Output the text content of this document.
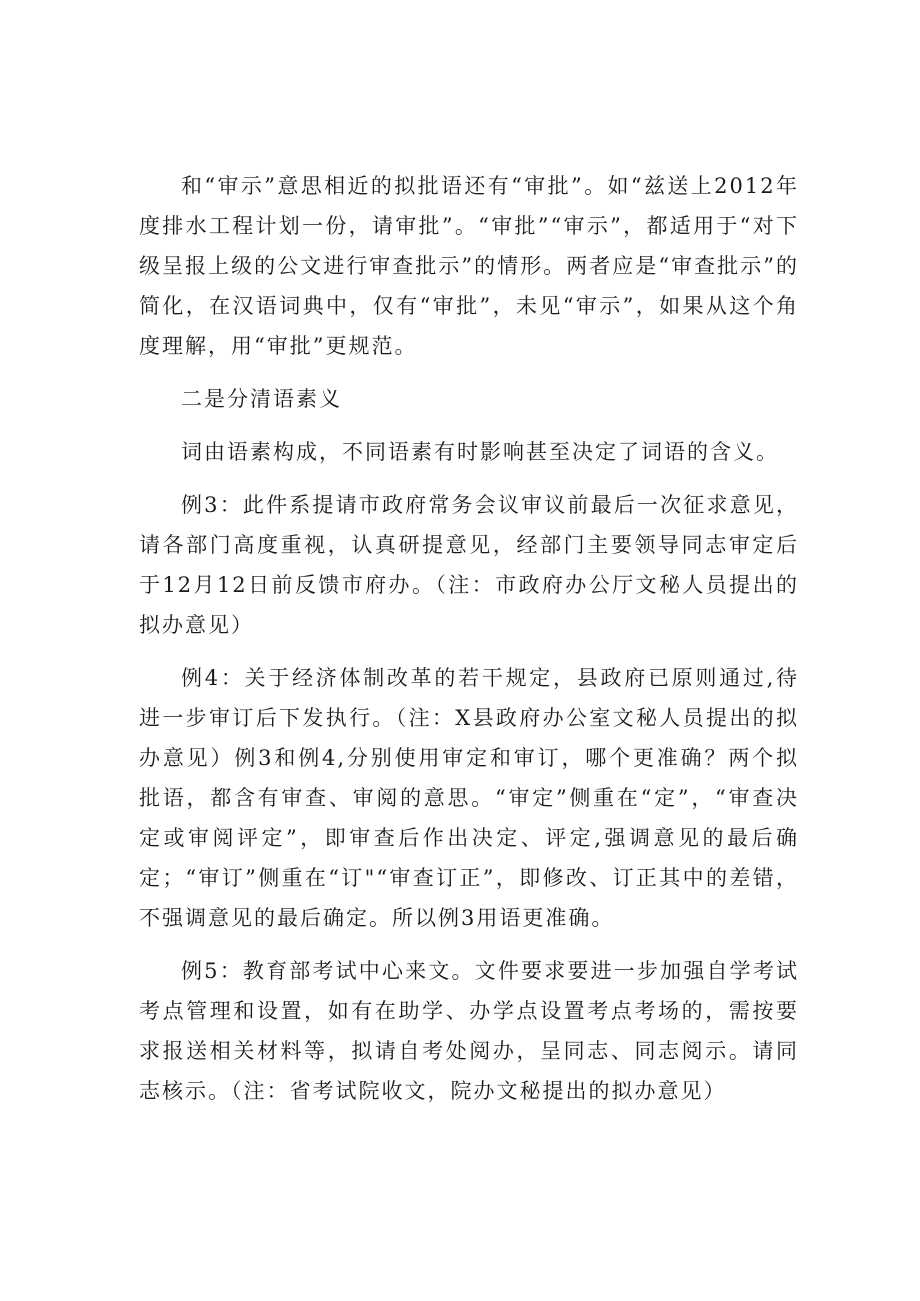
和“审示”意思相近的拟批语还有“审批”。如“兹送上2012年度排水工程计划一份，请审批”。“审批”“审示”，都适用于“对下级呈报上级的公文进行审查批示”的情形。两者应是“审查批示”的简化，在汉语词典中，仅有“审批”，未见“审示”，如果从这个角度理解，用“审批”更规范。

二是分清语素义

词由语素构成，不同语素有时影响甚至决定了词语的含义。

例3：此件系提请市政府常务会议审议前最后一次征求意见，请各部门高度重视，认真研提意见，经部门主要领导同志审定后于12月12日前反馈市府办。（注：市政府办公厅文秘人员提出的拟办意见）

例4：关于经济体制改革的若干规定，县政府已原则通过,待进一步审订后下发执行。（注：X县政府办公室文秘人员提出的拟办意见）例3和例4,分别使用审定和审订，哪个更准确？两个拟批语，都含有审查、审阅的意思。“审定”侧重在“定”，“审查决定或审阅评定”，即审查后作出决定、评定,强调意见的最后确定；“审订”侧重在“订"“审查订正”，即修改、订正其中的差错，不强调意见的最后确定。所以例3用语更准确。

例5：教育部考试中心来文。文件要求要进一步加强自学考试考点管理和设置，如有在助学、办学点设置考点考场的，需按要求报送相关材料等，拟请自考处阅办，呈同志、同志阅示。请同志核示。（注：省考试院收文，院办文秘提出的拟办意见）
